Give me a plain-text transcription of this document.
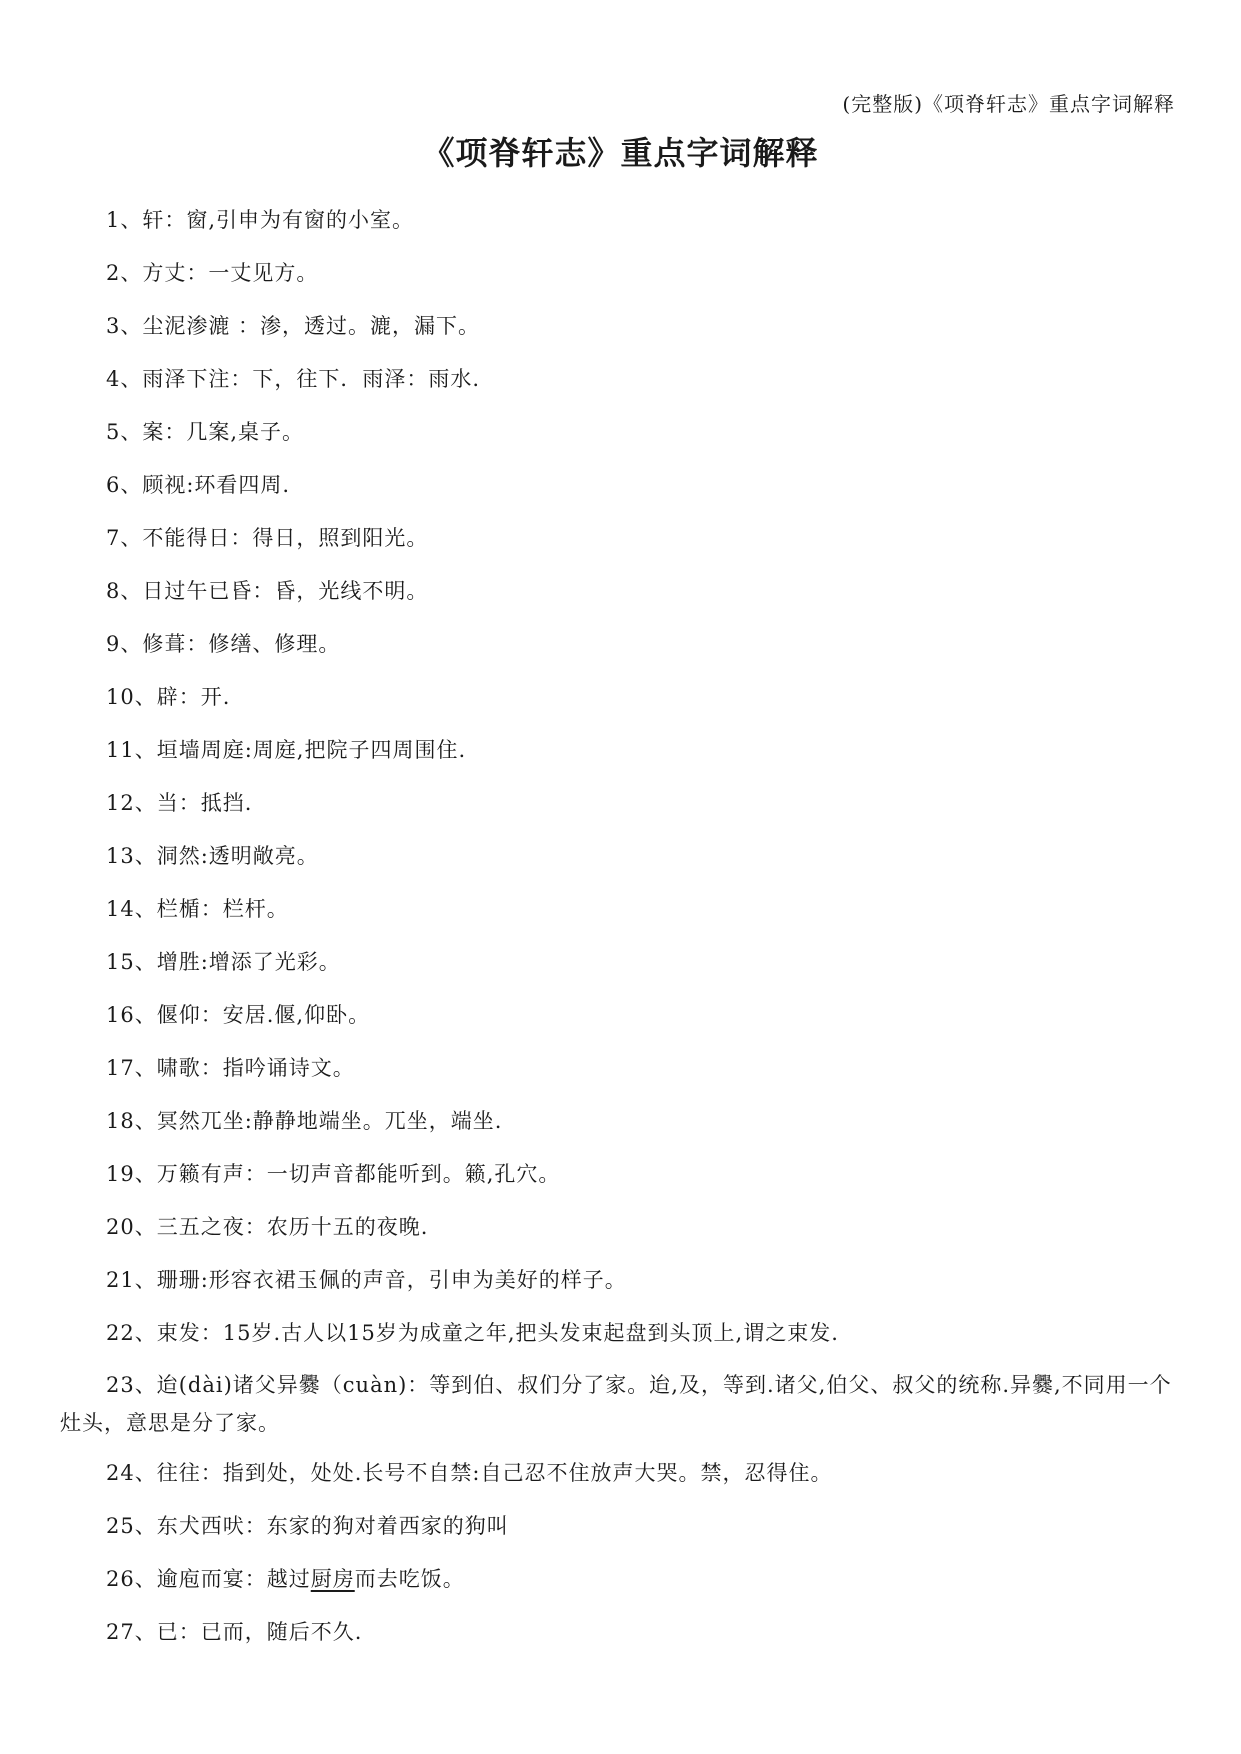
(完整版)《项脊轩志》重点字词解释
《项脊轩志》重点字词解释
1、轩：窗,引申为有窗的小室。
2、方丈：一丈见方。
3、尘泥渗漉 ：渗，透过。漉，漏下。
4、雨泽下注：下，往下．雨泽：雨水.
5、案：几案,桌子。
6、顾视:环看四周.
7、不能得日：得日，照到阳光。
8、日过午已昏：昏，光线不明。
9、修葺：修缮、修理。
10、辟：开.
11、垣墙周庭:周庭,把院子四周围住.
12、当：抵挡.
13、洞然:透明敞亮。
14、栏楯：栏杆。
15、增胜:增添了光彩。
16、偃仰：安居.偃,仰卧。
17、啸歌：指吟诵诗文。
18、冥然兀坐:静静地端坐。兀坐，端坐.
19、万籁有声：一切声音都能听到。籁,孔穴。
20、三五之夜：农历十五的夜晚.
21、珊珊:形容衣裙玉佩的声音，引申为美好的样子。
22、束发：15岁.古人以15岁为成童之年,把头发束起盘到头顶上,谓之束发.
23、迨(dài)诸父异爨（cuàn)：等到伯、叔们分了家。迨,及，等到.诸父,伯父、叔父的统称.异爨,不同用一个灶头，意思是分了家。
24、往往：指到处，处处.长号不自禁:自己忍不住放声大哭。禁，忍得住。
25、东犬西吠：东家的狗对着西家的狗叫
26、逾庖而宴：越过厨房而去吃饭。
27、已：已而，随后不久.
